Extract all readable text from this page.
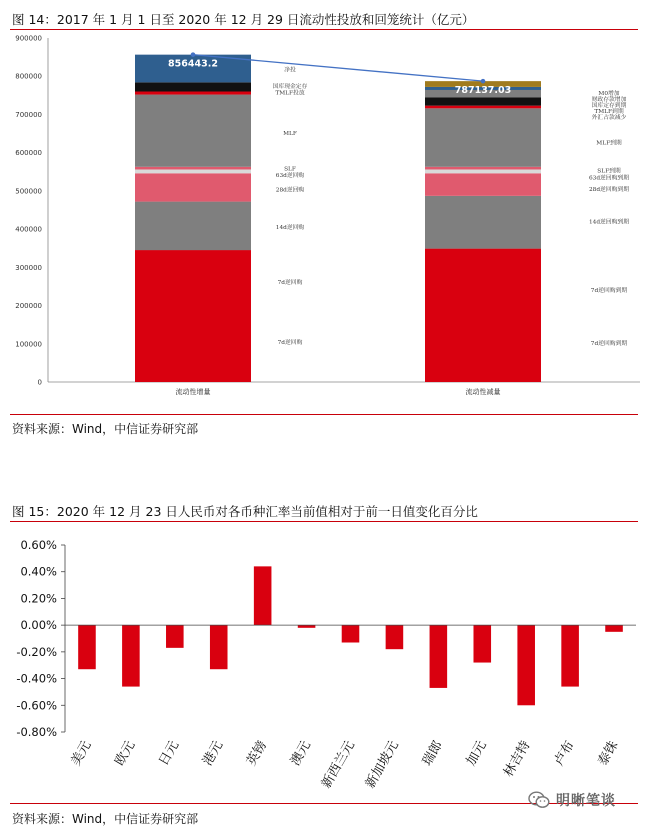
图 14：2017 年 1 月 1 日至 2020 年 12 月 29 日流动性投放和回笼统计（亿元）
0
100000
200000
300000
400000
500000
600000
700000
800000
900000
流动性增量
7d逆回购
7d逆回购
14d逆回购
28d逆回购
63d逆回购
SLF
MLF
TMLF投放
国库现金定存
净投
流动性减量
7d逆回购到期
7d逆回购到期
14d逆回购到期
28d逆回购到期
63d逆回购到期
SLF到期
MLF到期
外汇占款减少
TMLF到期
国库定存到期
财政存款增加
M0增加
856443.2
787137.03
资料来源：Wind，中信证券研究部
图 15：2020 年 12 月 23 日人民币对各币种汇率当前值相对于前一日值变化百分比
0.60%
0.40%
0.20%
0.00%
-0.20%
-0.40%
-0.60%
-0.80%
美元 欧元 日元 港元 英镑 澳元 新西兰元 新加坡元 瑞郎 加元 林吉特 卢布 泰铢
资料来源：Wind，中信证券研究部
明晰笔谈
